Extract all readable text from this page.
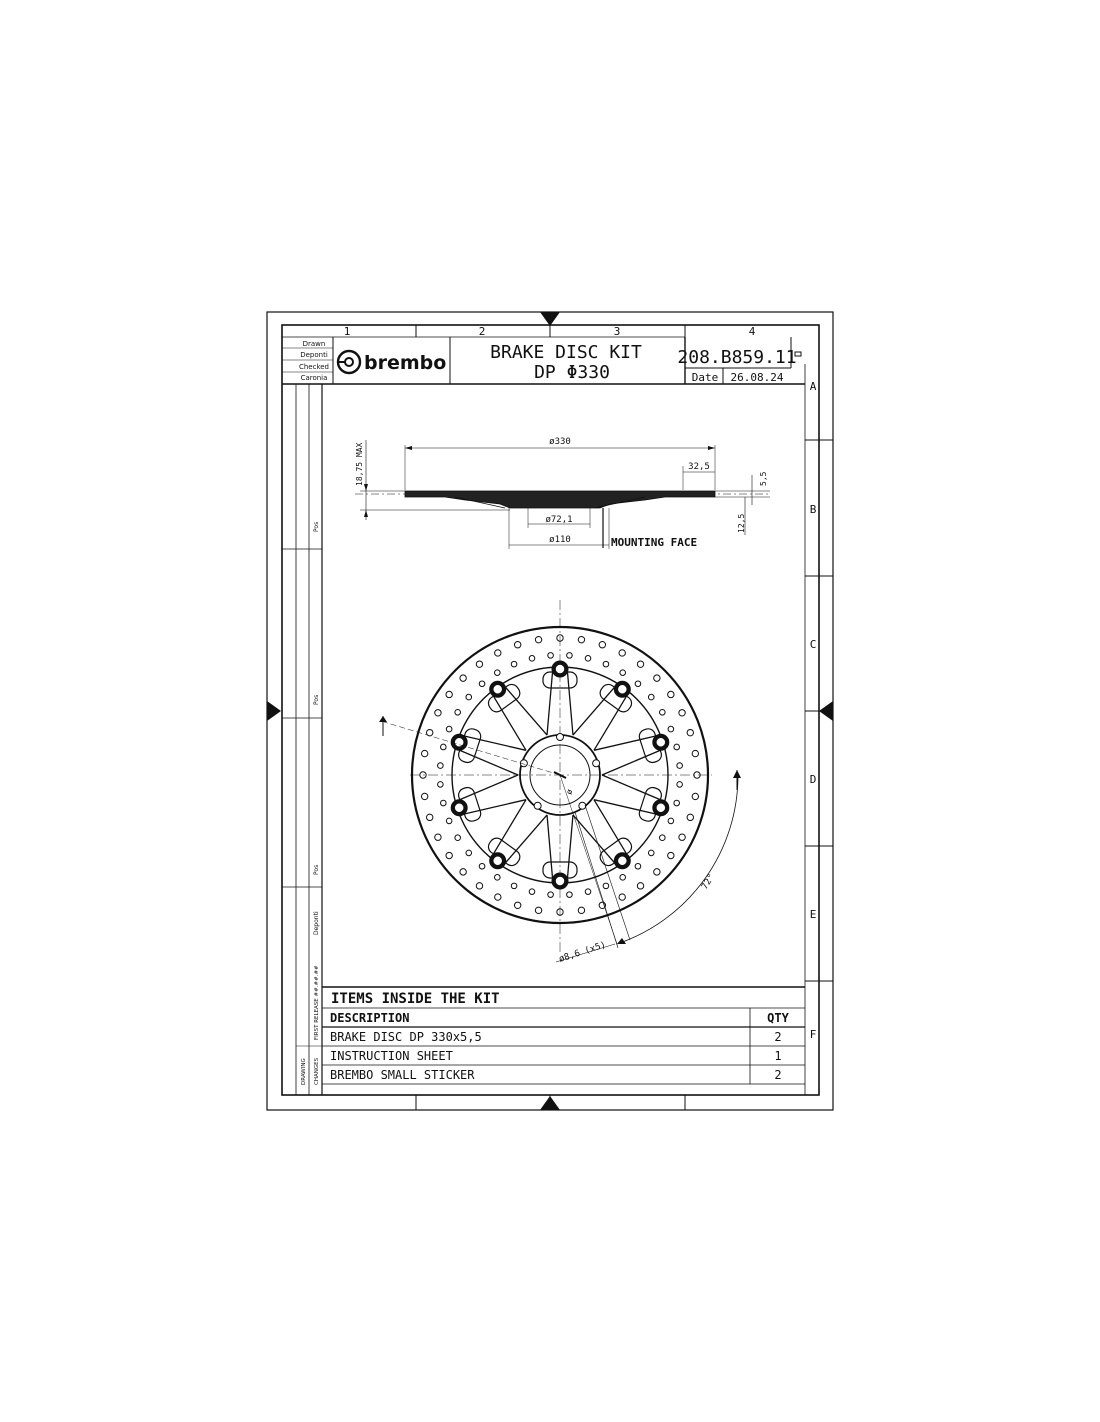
1	2	3	4
A
B
C
D
E
F
Drawn
Deponti
Checked
Caronia
brembo BRAKE DISC KIT
DP Φ330
208.B859.11
Date 26.08.24
Pos
Pos
Pos
Deponti
FIRST RELEASE ##.##.##
DRAWING CHANGES
ø330
32,5
18,75 MAX	5,5
12,5
ø72,1
ø110	MOUNTING FACE
ø
ø8,6 (x5)
72°
ITEMS INSIDE THE KIT
DESCRIPTION	QTY
BRAKE DISC DP 330x5,5	2
INSTRUCTION SHEET	1
BREMBO SMALL STICKER	2
